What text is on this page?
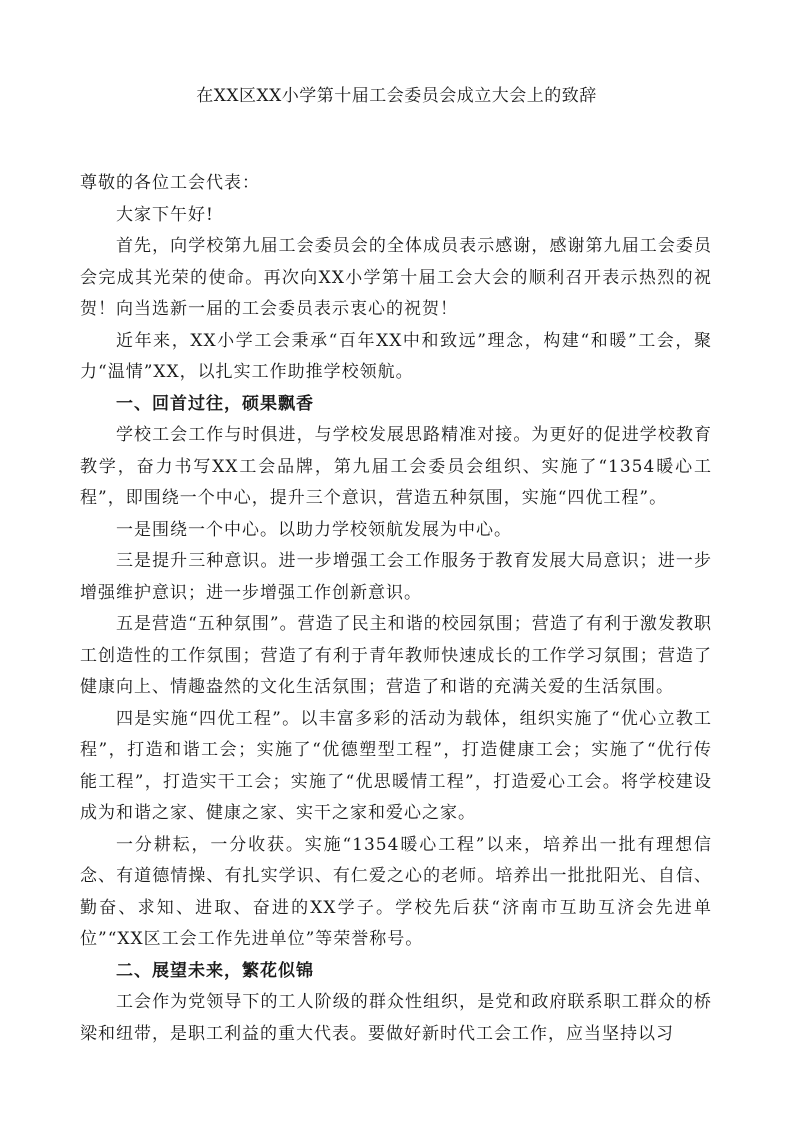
在XX区XX小学第十届工会委员会成立大会上的致辞

尊敬的各位工会代表：

大家下午好!

首先，向学校第九届工会委员会的全体成员表示感谢，感谢第九届工会委员会完成其光荣的使命。再次向XX小学第十届工会大会的顺利召开表示热烈的祝贺！向当选新一届的工会委员表示衷心的祝贺！

近年来，XX小学工会秉承“百年XX中和致远”理念，构建“和暖”工会，聚力“温情”XX，以扎实工作助推学校领航。

一、回首过往，硕果飘香

学校工会工作与时俱进，与学校发展思路精准对接。为更好的促进学校教育教学，奋力书写XX工会品牌，第九届工会委员会组织、实施了“1354暖心工程”，即围绕一个中心，提升三个意识，营造五种氛围，实施“四优工程”。

一是围绕一个中心。以助力学校领航发展为中心。

三是提升三种意识。进一步增强工会工作服务于教育发展大局意识；进一步增强维护意识；进一步增强工作创新意识。

五是营造“五种氛围”。营造了民主和谐的校园氛围；营造了有利于激发教职工创造性的工作氛围；营造了有利于青年教师快速成长的工作学习氛围；营造了健康向上、情趣盎然的文化生活氛围；营造了和谐的充满关爱的生活氛围。

四是实施“四优工程”。以丰富多彩的活动为载体，组织实施了“优心立教工程”，打造和谐工会；实施了“优德塑型工程”，打造健康工会；实施了“优行传能工程”，打造实干工会；实施了“优思暖情工程”，打造爱心工会。将学校建设成为和谐之家、健康之家、实干之家和爱心之家。

一分耕耘，一分收获。实施“1354暖心工程”以来，培养出一批有理想信念、有道德情操、有扎实学识、有仁爱之心的老师。培养出一批批阳光、自信、勤奋、求知、进取、奋进的XX学子。学校先后获“济南市互助互济会先进单位”“XX区工会工作先进单位”等荣誉称号。

二、展望未来，繁花似锦

工会作为党领导下的工人阶级的群众性组织，是党和政府联系职工群众的桥梁和纽带，是职工利益的重大代表。要做好新时代工会工作，应当坚持以习
